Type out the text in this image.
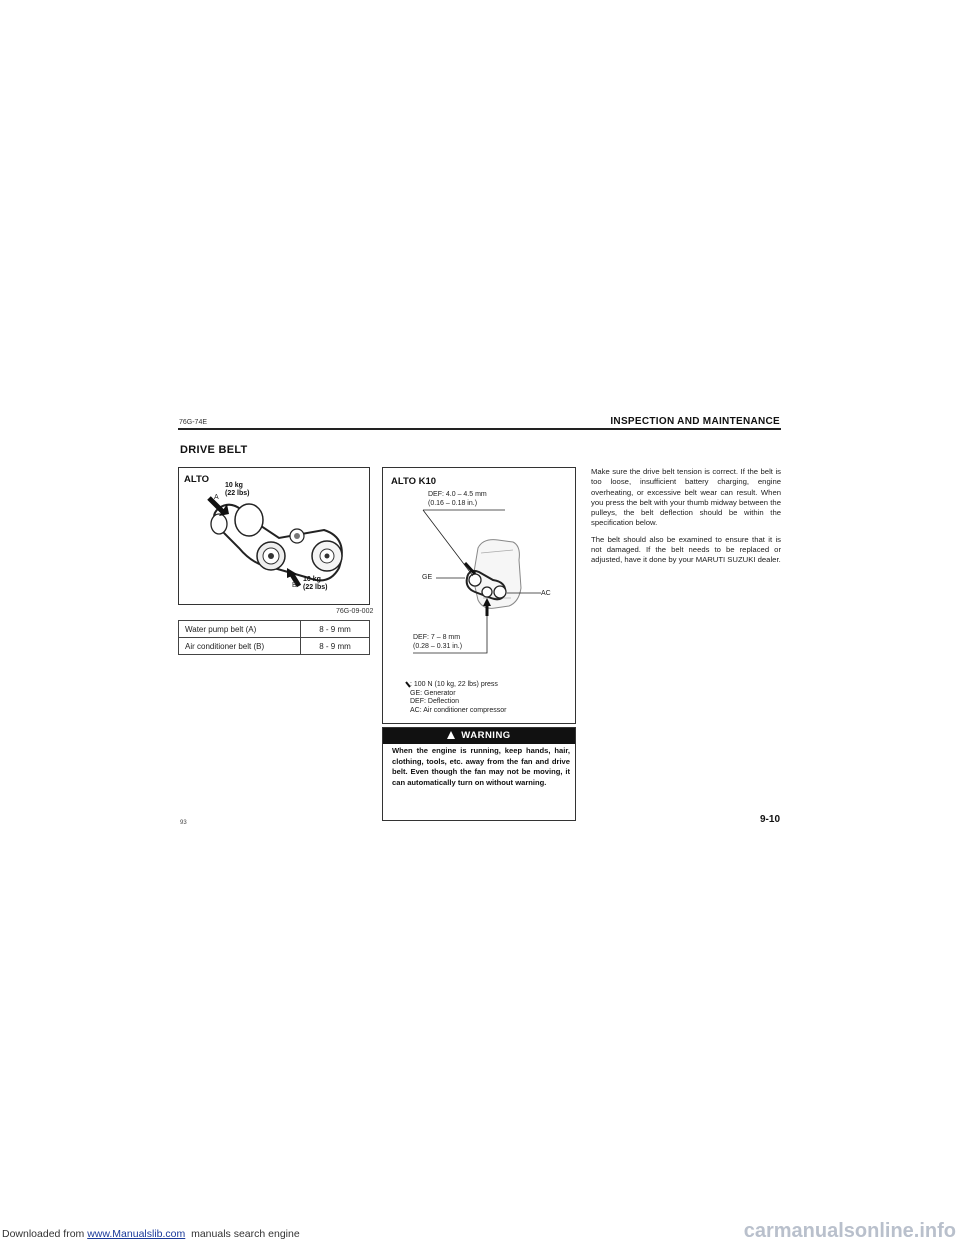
76G-74E	INSPECTION AND MAINTENANCE
DRIVE BELT
ALTO
10 kg
(22 lbs)
A
10 kg
(22 lbs)
B
76G-09-002
Water pump belt (A)	8 - 9 mm
Air conditioner belt (B)	8 - 9 mm
ALTO K10
DEF: 4.0 – 4.5 mm
(0.16 – 0.18 in.)
GE
AC
DEF: 7 – 8 mm
(0.28 – 0.31 in.)
: 100 N (10 kg, 22 lbs) press
GE: Generator
DEF: Deflection
AC: Air conditioner compressor
WARNING
When the engine is running, keep hands, hair, clothing, tools, etc. away from the fan and drive belt. Even though the fan may not be moving, it can automatically turn on without warning.

Make sure the drive belt tension is correct. If the belt is too loose, insufficient battery charging, engine overheating, or excessive belt wear can result. When you press the belt with your thumb midway between the pulleys, the belt deflection should be within the specification below.

The belt should also be examined to ensure that it is not damaged. If the belt needs to be replaced or adjusted, have it done by your MARUTI SUZUKI dealer.

93	9-10
Downloaded from www.Manualslib.com  manuals search engine	carmanualsonline.info
